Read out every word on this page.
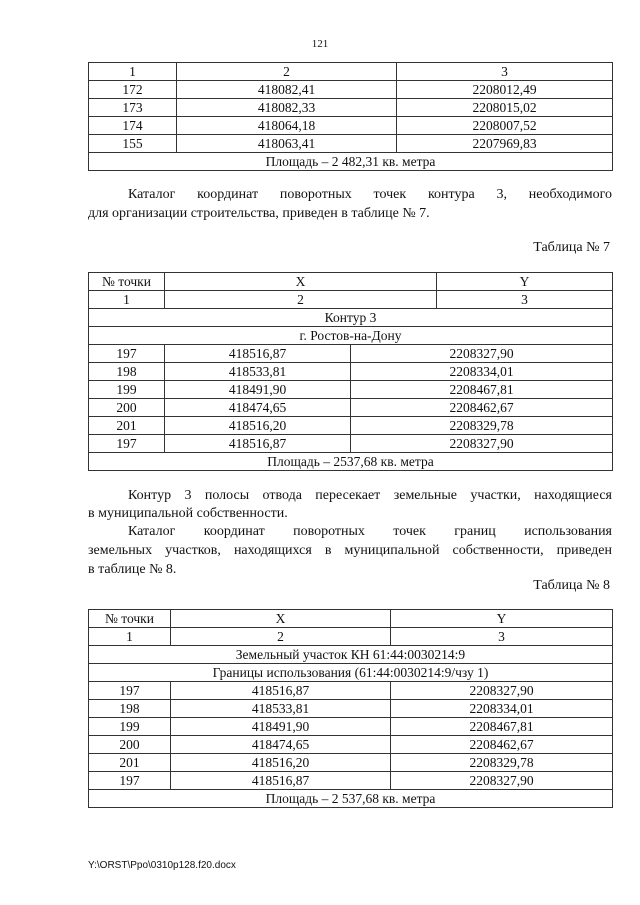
121
1	2	3
172	418082,41	2208012,49
173	418082,33	2208015,02
174	418064,18	2208007,52
155	418063,41	2207969,83
Площадь – 2 482,31 кв. метра		

Каталог координат поворотных точек контура 3, необходимого

для организации строительства, приведен в таблице № 7.

Таблица № 7
№ точки	X	Y
1	2	3
Контур 3		
г. Ростов-на-Дону		
197	418516,87	2208327,90
198	418533,81	2208334,01
199	418491,90	2208467,81
200	418474,65	2208462,67
201	418516,20	2208329,78
197	418516,87	2208327,90
Площадь – 2537,68 кв. метра		

Контур 3 полосы отвода пересекает земельные участки, находящиеся

в муниципальной собственности.

Каталог координат поворотных точек границ использования

земельных участков, находящихся в муниципальной собственности, приведен

в таблице № 8.

Таблица № 8
№ точки	X	Y
1	2	3
Земельный участок КН 61:44:0030214:9		
Границы использования (61:44:0030214:9/чзу 1)		
197	418516,87	2208327,90
198	418533,81	2208334,01
199	418491,90	2208467,81
200	418474,65	2208462,67
201	418516,20	2208329,78
197	418516,87	2208327,90
Площадь – 2 537,68 кв. метра		
Y:\ORST\Ppo\0310p128.f20.docx
